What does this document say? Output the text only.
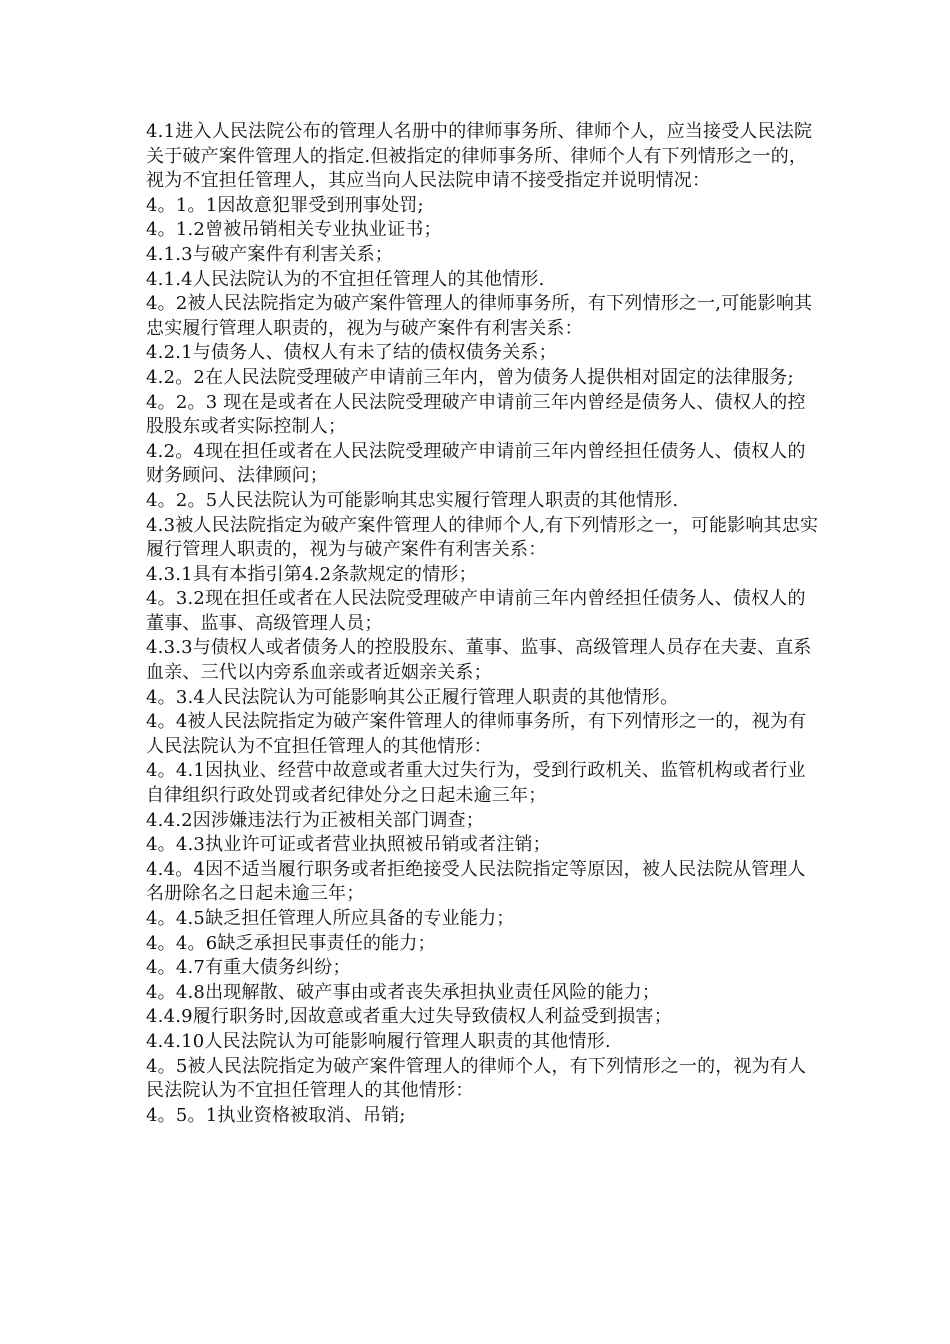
4.1进入人民法院公布的管理人名册中的律师事务所、律师个人，应当接受人民法院关于破产案件管理人的指定.但被指定的律师事务所、律师个人有下列情形之一的，视为不宜担任管理人，其应当向人民法院申请不接受指定并说明情况：

4。1。1因故意犯罪受到刑事处罚;

4。1.2曾被吊销相关专业执业证书；

4.1.3与破产案件有利害关系；

4.1.4人民法院认为的不宜担任管理人的其他情形.

4。2被人民法院指定为破产案件管理人的律师事务所，有下列情形之一,可能影响其忠实履行管理人职责的，视为与破产案件有利害关系：

4.2.1与债务人、债权人有未了结的债权债务关系；

4.2。2在人民法院受理破产申请前三年内，曾为债务人提供相对固定的法律服务;

4。2。3 现在是或者在人民法院受理破产申请前三年内曾经是债务人、债权人的控股股东或者实际控制人；

4.2。4现在担任或者在人民法院受理破产申请前三年内曾经担任债务人、债权人的财务顾问、法律顾问；

4。2。5人民法院认为可能影响其忠实履行管理人职责的其他情形.

4.3被人民法院指定为破产案件管理人的律师个人,有下列情形之一，可能影响其忠实履行管理人职责的，视为与破产案件有利害关系：

4.3.1具有本指引第4.2条款规定的情形；

4。3.2现在担任或者在人民法院受理破产申请前三年内曾经担任债务人、债权人的董事、监事、高级管理人员；

4.3.3与债权人或者债务人的控股股东、董事、监事、高级管理人员存在夫妻、直系血亲、三代以内旁系血亲或者近姻亲关系；

4。3.4人民法院认为可能影响其公正履行管理人职责的其他情形。

4。4被人民法院指定为破产案件管理人的律师事务所，有下列情形之一的，视为有人民法院认为不宜担任管理人的其他情形：

4。4.1因执业、经营中故意或者重大过失行为，受到行政机关、监管机构或者行业自律组织行政处罚或者纪律处分之日起未逾三年；

4.4.2因涉嫌违法行为正被相关部门调查；

4。4.3执业许可证或者营业执照被吊销或者注销；

4.4。4因不适当履行职务或者拒绝接受人民法院指定等原因，被人民法院从管理人名册除名之日起未逾三年；

4。4.5缺乏担任管理人所应具备的专业能力；

4。4。6缺乏承担民事责任的能力；

4。4.7有重大债务纠纷；

4。4.8出现解散、破产事由或者丧失承担执业责任风险的能力；

4.4.9履行职务时,因故意或者重大过失导致债权人利益受到损害；

4.4.10人民法院认为可能影响履行管理人职责的其他情形.

4。5被人民法院指定为破产案件管理人的律师个人，有下列情形之一的，视为有人民法院认为不宜担任管理人的其他情形：

4。5。1执业资格被取消、吊销;
